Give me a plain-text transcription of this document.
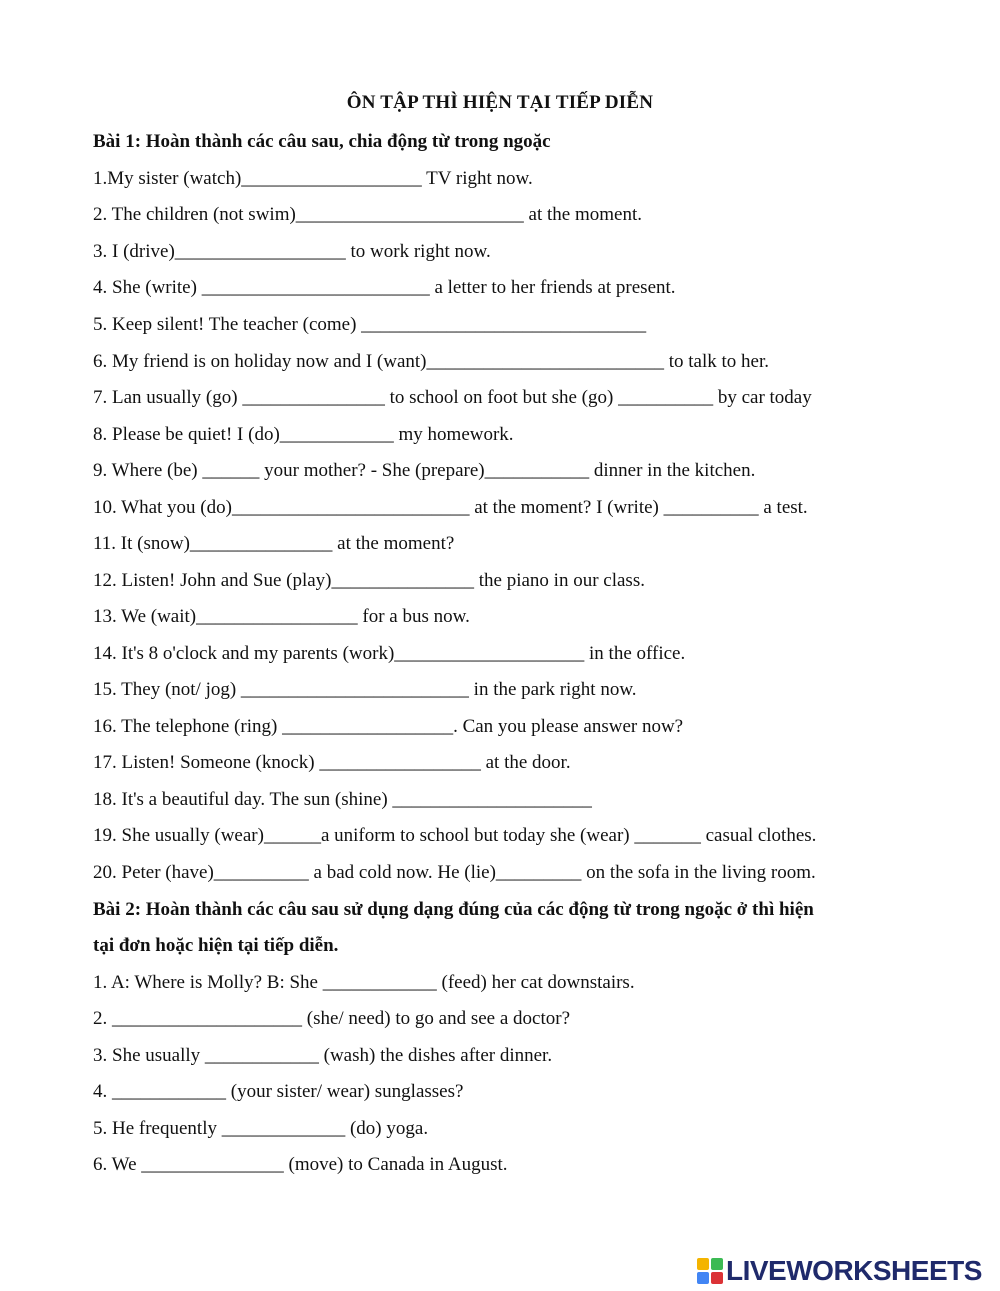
ÔN TẬP THÌ HIỆN TẠI TIẾP DIỄN
Bài 1: Hoàn thành các câu sau, chia động từ trong ngoặc
1.My sister (watch)___________________ TV right now.
2. The children (not swim)________________________ at the moment.
3. I (drive)__________________ to work right now.
4. She (write) ________________________ a letter to her friends at present.
5. Keep silent! The teacher (come) ______________________________
6. My friend is on holiday now and I (want)_________________________ to talk to her.
7. Lan usually (go) _______________ to school on foot but she (go) __________ by car today
8. Please be quiet! I (do)____________ my homework.
9. Where (be) ______ your mother? - She (prepare)___________ dinner in the kitchen.
10. What you (do)_________________________ at the moment? I (write) __________ a test.
11. It (snow)_______________ at the moment?
12. Listen! John and Sue (play)_______________ the piano in our class.
13. We (wait)_________________ for a bus now.
14. It's 8 o'clock and my parents (work)____________________ in the office.
15. They (not/ jog) ________________________ in the park right now.
16. The telephone (ring) __________________. Can you please answer now?
17. Listen! Someone (knock) _________________ at the door.
18. It's a beautiful day. The sun (shine) _____________________
19. She usually (wear)______a uniform to school but today she (wear) _______ casual clothes.
20. Peter (have)__________ a bad cold now. He (lie)_________ on the sofa in the living room.
Bài 2: Hoàn thành các câu sau sử dụng dạng đúng của các động từ trong ngoặc ở thì hiện
tại đơn hoặc hiện tại tiếp diễn.
1. A: Where is Molly? B: She ____________ (feed) her cat downstairs.
2. ____________________ (she/ need) to go and see a doctor?
3. She usually ____________ (wash) the dishes after dinner.
4. ____________ (your sister/ wear) sunglasses?
5. He frequently _____________ (do) yoga.
6. We _______________ (move) to Canada in August.
LIVEWORKSHEETS
